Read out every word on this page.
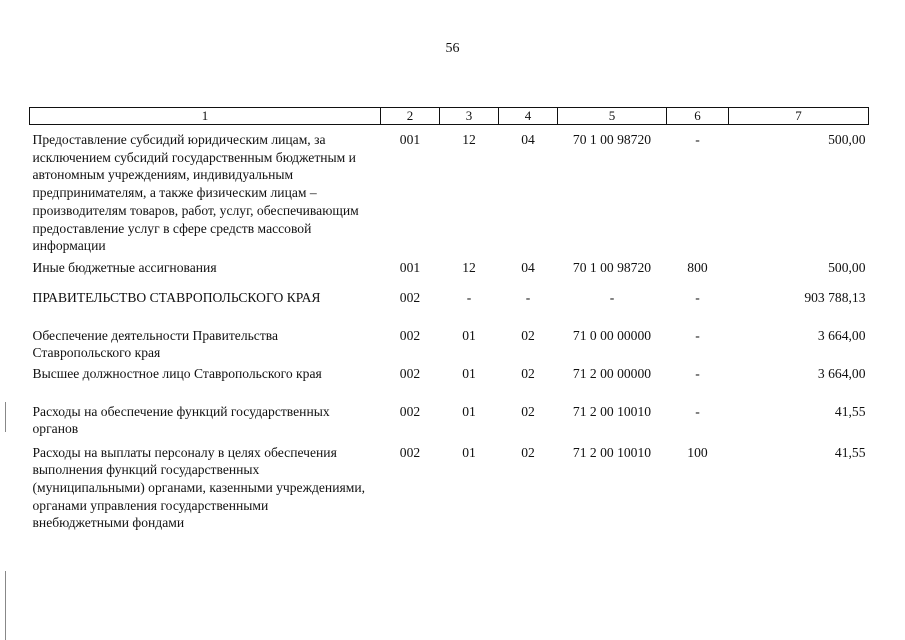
56
1	2	3	4	5	6	7
Предоставление субсидий юридическим лицам, за исключением субсидий государственным бюджетным и автономным учреждениям, индивидуальным предпринимателям, а также физическим лицам – производителям товаров, работ, услуг, обеспечивающим предоставление услуг в сфере средств массовой информации	001	12	04	70 1 00 98720	-	500,00
Иные бюджетные ассигнования	001	12	04	70 1 00 98720	800	500,00
ПРАВИТЕЛЬСТВО СТАВРОПОЛЬСКОГО КРАЯ	002	-	-	-	-	903 788,13
Обеспечение деятельности Правительства Ставропольского края	002	01	02	71 0 00 00000	-	3 664,00
Высшее должностное лицо Ставропольского края	002	01	02	71 2 00 00000	-	3 664,00
Расходы на обеспечение функций государственных органов	002	01	02	71 2 00 10010	-	41,55
Расходы на выплаты персоналу в целях обеспечения выполнения функций государственных (муниципальными) органами, казенными учреждениями, органами управления государственными внебюджетными фондами	002	01	02	71 2 00 10010	100	41,55
